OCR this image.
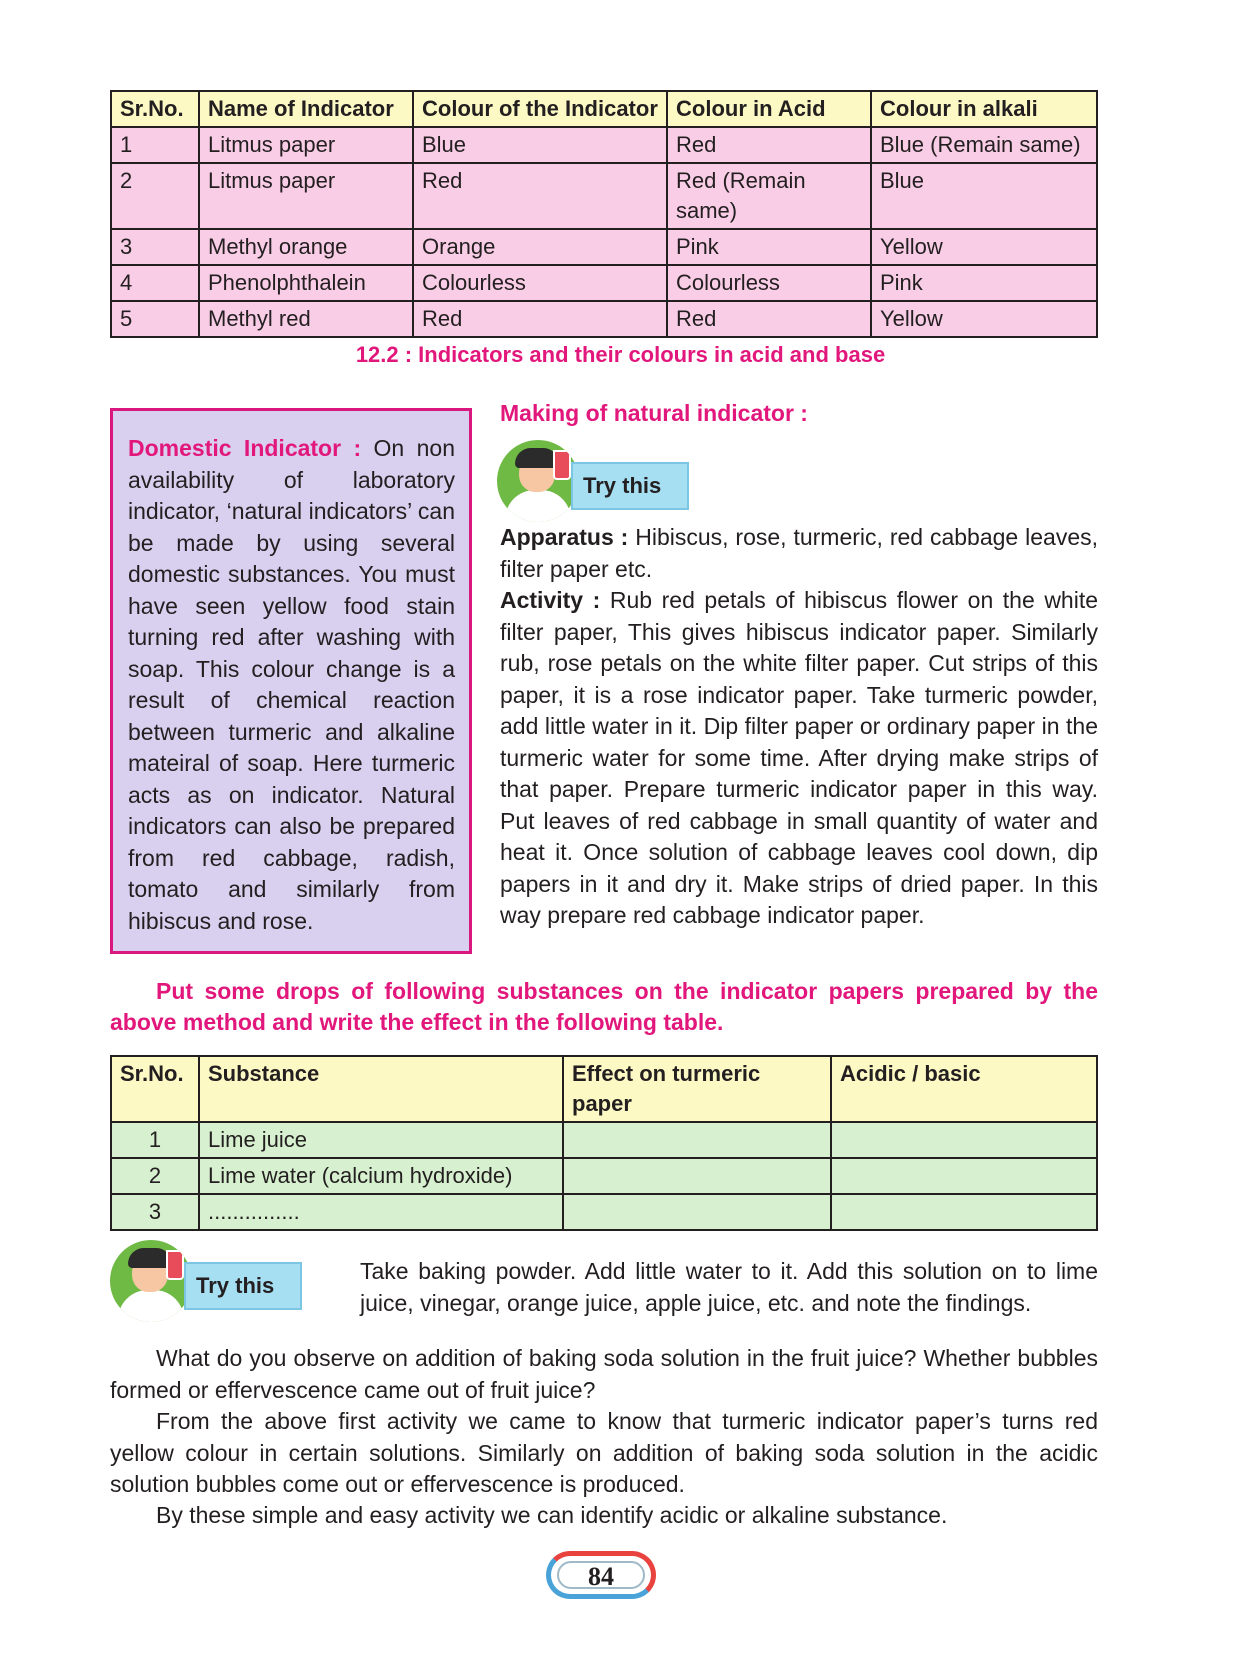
Sr.No.	Name of Indicator	Colour of the Indicator	Colour in Acid	Colour in alkali
1	Litmus paper	Blue	Red	Blue (Remain same)
2	Litmus paper	Red	Red (Remain same)	Blue
3	Methyl orange	Orange	Pink	Yellow
4	Phenolphthalein	Colourless	Colourless	Pink
5	Methyl red	Red	Red	Yellow
12.2 : Indicators and their colours in acid and base
Domestic Indicator : On non availability of laboratory indicator, ‘natural indicators’ can be made by using several domestic substances. You must have seen yellow food stain turning red after washing with soap. This colour change is a result of chemical reaction between turmeric and alkaline mateiral of soap. Here turmeric acts as on indicator. Natural indicators can also be prepared from red cabbage, radish, tomato and similarly from hibiscus and rose.
Making of natural indicator :
Try this
Apparatus : Hibiscus, rose, turmeric, red cabbage leaves, filter paper etc.
Activity : Rub red petals of hibiscus flower on the white filter paper, This gives hibiscus indicator paper. Similarly rub, rose petals on the white filter paper. Cut strips of this paper, it is a rose indicator paper. Take turmeric powder, add little water in it. Dip filter paper or ordinary paper in the turmeric water for some time. After drying make strips of that paper. Prepare turmeric indicator paper in this way. Put leaves of red cabbage in small quantity of water and heat it. Once solution of cabbage leaves cool down, dip papers in it and dry it. Make strips of dried paper. In this way prepare red cabbage indicator paper.
Put some drops of following substances on the indicator papers prepared by the above method and write the effect in the following table.
Sr.No.	Substance	Effect on turmeric paper	Acidic / basic
1	Lime juice		
2	Lime water (calcium hydroxide)		
3	...............		
Try this
Take baking powder. Add little water to it. Add this solution on to lime juice, vinegar, orange juice, apple juice, etc. and note the findings.
What do you observe on addition of baking soda solution in the fruit juice? Whether bubbles formed or effervescence came out of fruit juice?
From the above first activity we came to know that turmeric indicator paper’s turns red yellow colour in certain solutions. Similarly on addition of baking soda solution in the acidic solution bubbles come out or effervescence is produced.
By these simple and easy activity we can identify acidic or alkaline substance.
84
